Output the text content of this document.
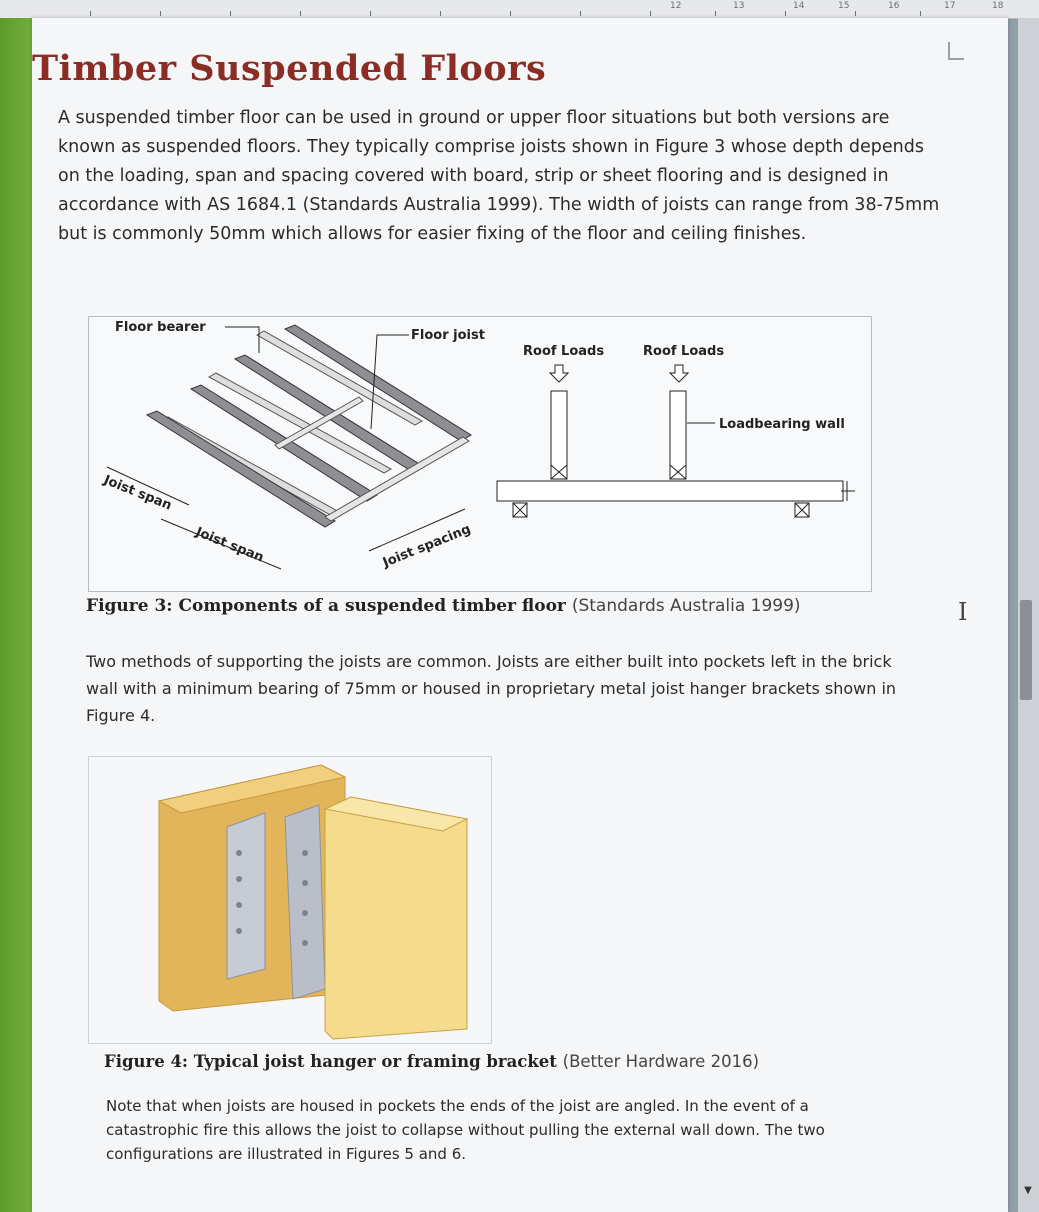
12	13	14	15	16	17	18
Timber Suspended Floors
A suspended timber floor can be used in ground or upper floor situations but both versions are known as suspended floors. They typically comprise joists shown in Figure 3 whose depth depends on the loading, span and spacing covered with board, strip or sheet flooring and is designed in accordance with AS 1684.1 (Standards Australia 1999). The width of joists can range from 38-75mm but is commonly 50mm which allows for easier fixing of the floor and ceiling finishes.
Floor bearer
Floor joist
Joist span
Joist span	Joist spacing
Roof Loads	Roof Loads
Loadbearing wall
Figure 3: Components of a suspended timber floor (Standards Australia 1999)	I
Two methods of supporting the joists are common. Joists are either built into pockets left in the brick wall with a minimum bearing of 75mm or housed in proprietary metal joist hanger brackets shown in Figure 4.
Figure 4: Typical joist hanger or framing bracket (Better Hardware 2016)
Note that when joists are housed in pockets the ends of the joist are angled. In the event of a catastrophic fire this allows the joist to collapse without pulling the external wall down. The two configurations are illustrated in Figures 5 and 6.
▼
